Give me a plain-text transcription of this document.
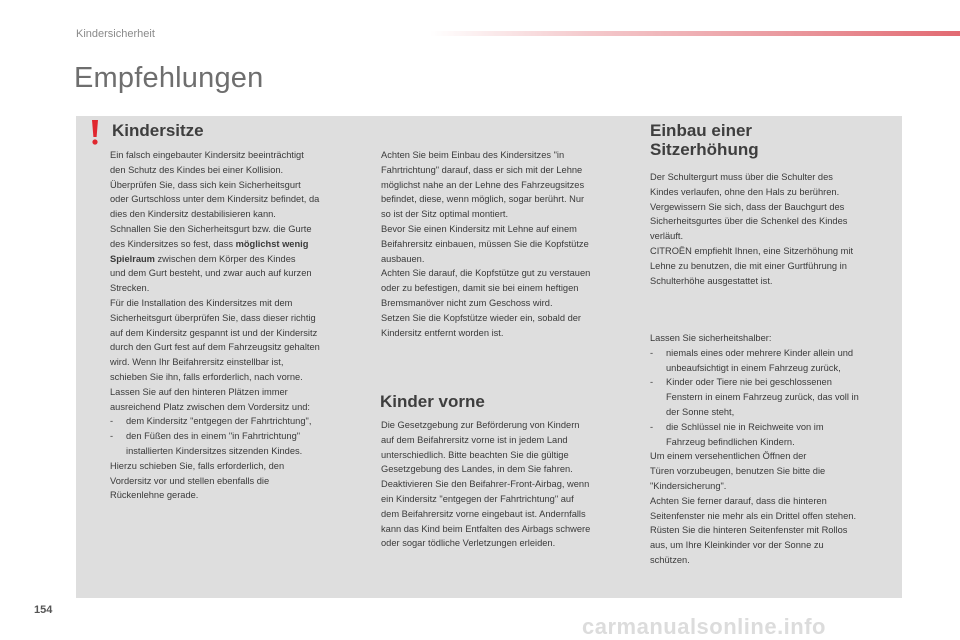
Kindersicherheit
Empfehlungen
Kindersitze
Ein falsch eingebauter Kindersitz beeinträchtigt
den Schutz des Kindes bei einer Kollision.
Überprüfen Sie, dass sich kein Sicherheitsgurt
oder Gurtschloss unter dem Kindersitz befindet, da
dies den Kindersitz destabilisieren kann.
Schnallen Sie den Sicherheitsgurt bzw. die Gurte
des Kindersitzes so fest, dass möglichst wenig
Spielraum zwischen dem Körper des Kindes
und dem Gurt besteht, und zwar auch auf kurzen
Strecken.
Für die Installation des Kindersitzes mit dem
Sicherheitsgurt überprüfen Sie, dass dieser richtig
auf dem Kindersitz gespannt ist und der Kindersitz
durch den Gurt fest auf dem Fahrzeugsitz gehalten
wird. Wenn Ihr Beifahrersitz einstellbar ist,
schieben Sie ihn, falls erforderlich, nach vorne.
Lassen Sie auf den hinteren Plätzen immer
ausreichend Platz zwischen dem Vordersitz und:

- dem Kindersitz "entgegen der Fahrtrichtung",
- den Füßen des in einem "in Fahrtrichtung"
installierten Kindersitzes sitzenden Kindes.
Hierzu schieben Sie, falls erforderlich, den
Vordersitz vor und stellen ebenfalls die
Rückenlehne gerade.
Achten Sie beim Einbau des Kindersitzes "in
Fahrtrichtung" darauf, dass er sich mit der Lehne
möglichst nahe an der Lehne des Fahrzeugsitzes
befindet, diese, wenn möglich, sogar berührt. Nur
so ist der Sitz optimal montiert.
Bevor Sie einen Kindersitz mit Lehne auf einem
Beifahrersitz einbauen, müssen Sie die Kopfstütze
ausbauen.
Achten Sie darauf, die Kopfstütze gut zu verstauen
oder zu befestigen, damit sie bei einem heftigen
Bremsmanöver nicht zum Geschoss wird.
Setzen Sie die Kopfstütze wieder ein, sobald der
Kindersitz entfernt worden ist.
Kinder vorne
Die Gesetzgebung zur Beförderung von Kindern
auf dem Beifahrersitz vorne ist in jedem Land
unterschiedlich. Bitte beachten Sie die gültige
Gesetzgebung des Landes, in dem Sie fahren.
Deaktivieren Sie den Beifahrer-Front-Airbag, wenn
ein Kindersitz "entgegen der Fahrtrichtung" auf
dem Beifahrersitz vorne eingebaut ist. Andernfalls
kann das Kind beim Entfalten des Airbags schwere
oder sogar tödliche Verletzungen erleiden.
Einbau einer
Sitzerhöhung
Der Schultergurt muss über die Schulter des
Kindes verlaufen, ohne den Hals zu berühren.
Vergewissern Sie sich, dass der Bauchgurt des
Sicherheitsgurtes über die Schenkel des Kindes
verläuft.
CITROËN empfiehlt Ihnen, eine Sitzerhöhung mit
Lehne zu benutzen, die mit einer Gurtführung in
Schulterhöhe ausgestattet ist.
Lassen Sie sicherheitshalber:

- niemals eines oder mehrere Kinder allein und
unbeaufsichtigt in einem Fahrzeug zurück,
- Kinder oder Tiere nie bei geschlossenen
Fenstern in einem Fahrzeug zurück, das voll in
der Sonne steht,
- die Schlüssel nie in Reichweite von im
Fahrzeug befindlichen Kindern.
Um einem versehentlichen Öffnen der
Türen vorzubeugen, benutzen Sie bitte die
"Kindersicherung".
Achten Sie ferner darauf, dass die hinteren
Seitenfenster nie mehr als ein Drittel offen stehen.
Rüsten Sie die hinteren Seitenfenster mit Rollos
aus, um Ihre Kleinkinder vor der Sonne zu
schützen.
154
carmanualsonline.info
